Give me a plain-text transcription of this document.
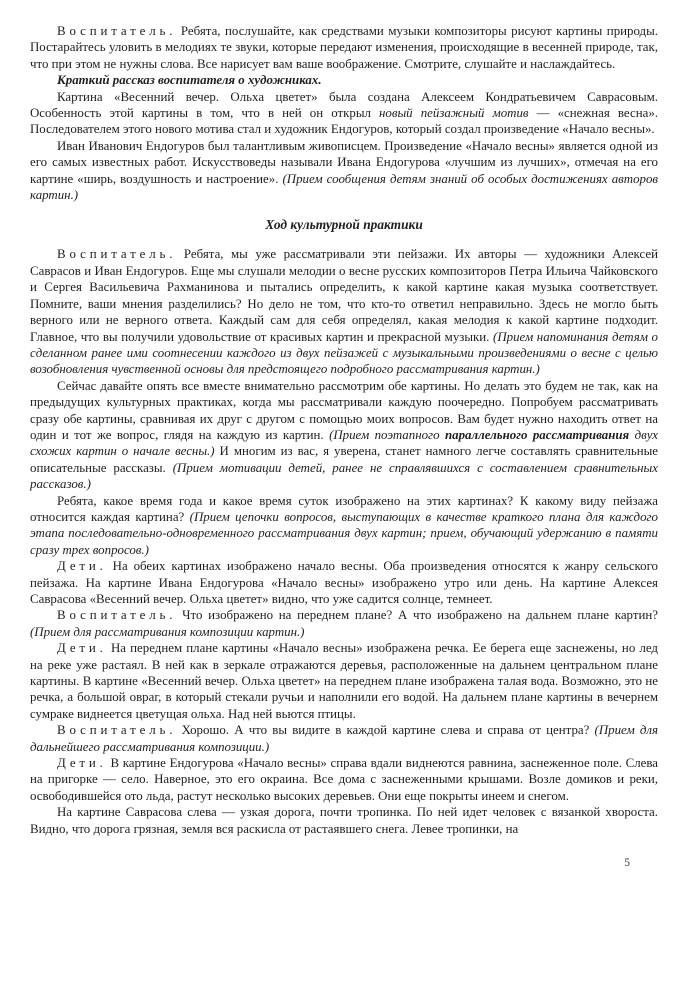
Воспитатель. Ребята, послушайте, как средствами музыки композиторы рисуют картины природы. Постарайтесь уловить в мелодиях те звуки, которые передают изменения, происходящие в весенней природе, так, что при этом не нужны слова. Все нарисует вам ваше воображение. Смотрите, слушайте и наслаждайтесь.

Краткий рассказ воспитателя о художниках.

Картина «Весенний вечер. Ольха цветет» была создана Алексеем Кондратьевичем Саврасовым. Особенность этой картины в том, что в ней он открыл новый пейзажный мотив — «снежная весна». Последователем этого нового мотива стал и художник Ендогуров, который создал произведение «Начало весны».

Иван Иванович Ендогуров был талантливым живописцем. Произведение «Начало весны» является одной из его самых известных работ. Искусствоведы называли Ивана Ендогурова «лучшим из лучших», отмечая на его картине «ширь, воздушность и настроение». (Прием сообщения детям знаний об особых достижениях авторов картин.)

Ход культурной практики

Воспитатель. Ребята, мы уже рассматривали эти пейзажи. Их авторы — художники Алексей Саврасов и Иван Ендогуров. Еще мы слушали мелодии о весне русских композиторов Петра Ильича Чайковского и Сергея Васильевича Рахманинова и пытались определить, к какой картине какая музыка соответствует. Помните, ваши мнения разделились? Но дело не том, что кто-то ответил неправильно. Здесь не могло быть верного или не верного ответа. Каждый сам для себя определял, какая мелодия к какой картине подходит. Главное, что вы получили удовольствие от красивых картин и прекрасной музыки. (Прием напоминания детям о сделанном ранее ими соотнесении каждого из двух пейзажей с музыкальными произведениями о весне с целью возобновления чувственной основы для предстоящего подробного рассматривания картин.)

Сейчас давайте опять все вместе внимательно рассмотрим обе картины. Но делать это будем не так, как на предыдущих культурных практиках, когда мы рассматривали каждую поочередно. Попробуем рассматривать сразу обе картины, сравнивая их друг с другом с помощью моих вопросов. Вам будет нужно находить ответ на один и тот же вопрос, глядя на каждую из картин. (Прием поэтапного параллельного рассматривания двух схожих картин о начале весны.) И многим из вас, я уверена, станет намного легче составлять сравнительные описательные рассказы. (Прием мотивации детей, ранее не справлявшихся с составлением сравнительных рассказов.)

Ребята, какое время года и какое время суток изображено на этих картинах? К какому виду пейзажа относится каждая картина? (Прием цепочки вопросов, выступающих в качестве краткого плана для каждого этапа последовательно-одновременного рассматривания двух картин; прием, обучающий удержанию в памяти сразу трех вопросов.)

Дети. На обеих картинах изображено начало весны. Оба произведения относятся к жанру сельского пейзажа. На картине Ивана Ендогурова «Начало весны» изображено утро или день. На картине Алексея Саврасова «Весенний вечер. Ольха цветет» видно, что уже садится солнце, темнеет.

Воспитатель. Что изображено на переднем плане? А что изображено на дальнем плане картин? (Прием для рассматривания композиции картин.)

Дети. На переднем плане картины «Начало весны» изображена речка. Ее берега еще заснежены, но лед на реке уже растаял. В ней как в зеркале отражаются деревья, расположенные на дальнем центральном плане картины. В картине «Весенний вечер. Ольха цветет» на переднем плане изображена талая вода. Возможно, это не речка, а большой овраг, в который стекали ручьи и наполнили его водой. На дальнем плане картины в вечернем сумраке виднеется цветущая ольха. Над ней вьются птицы.

Воспитатель. Хорошо. А что вы видите в каждой картине слева и справа от центра? (Прием для дальнейшего рассматривания композиции.)

Дети. В картине Ендогурова «Начало весны» справа вдали виднеются равнина, заснеженное поле. Слева на пригорке — село. Наверное, это его окраина. Все дома с заснеженными крышами. Возле домиков и реки, освободившейся ото льда, растут несколько высоких деревьев. Они еще покрыты инеем и снегом.

На картине Саврасова слева — узкая дорога, почти тропинка. По ней идет человек с вязанкой хвороста. Видно, что дорога грязная, земля вся раскисла от растаявшего снега. Левее тропинки, на

5
